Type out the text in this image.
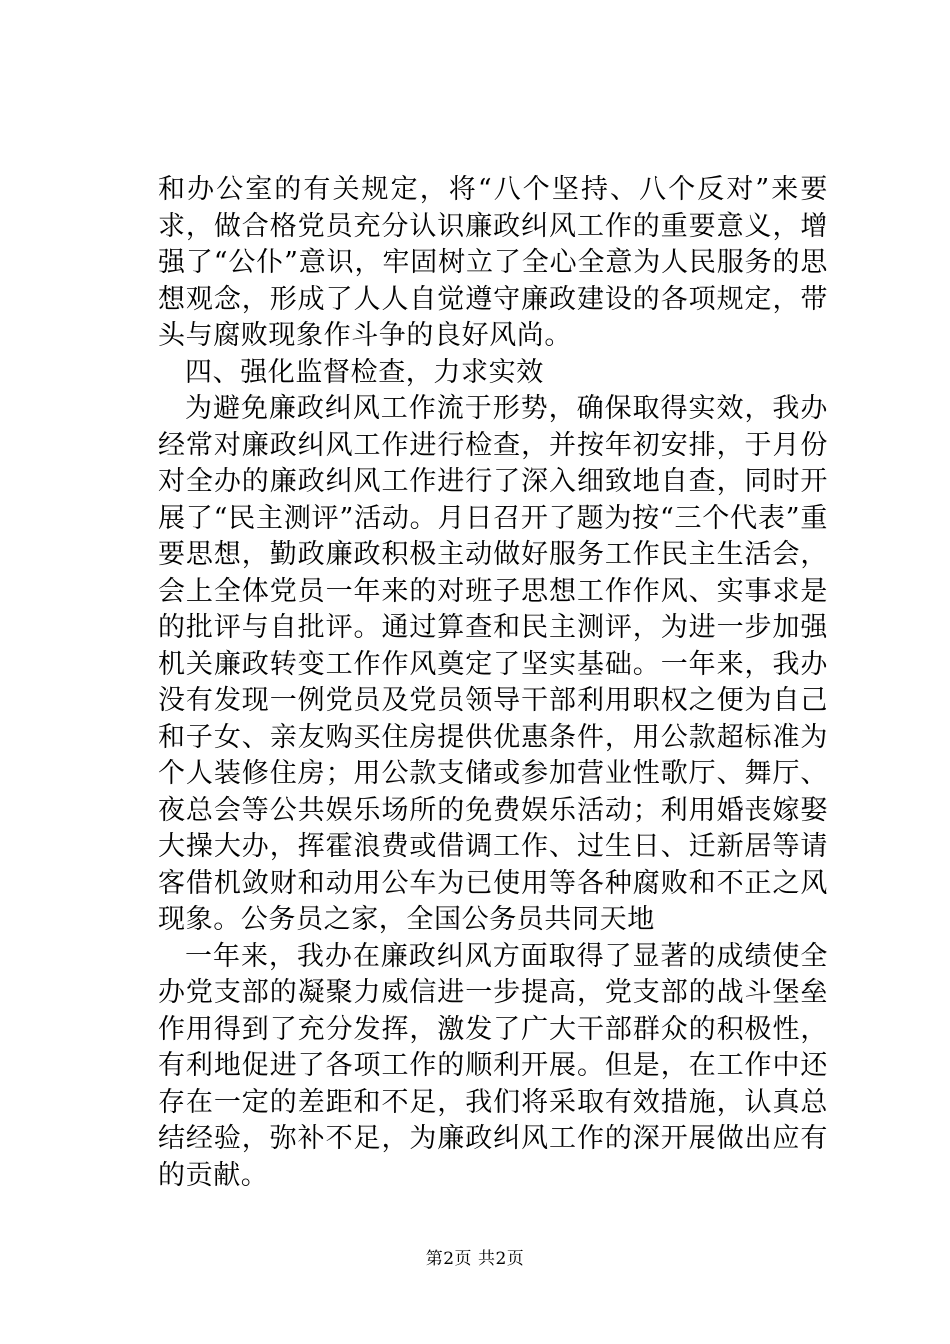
和办公室的有关规定，将“八个坚持、八个反对”来要求，做合格党员充分认识廉政纠风工作的重要意义，增强了“公仆”意识，牢固树立了全心全意为人民服务的思想观念，形成了人人自觉遵守廉政建设的各项规定，带头与腐败现象作斗争的良好风尚。

四、强化监督检查，力求实效

为避免廉政纠风工作流于形势，确保取得实效，我办经常对廉政纠风工作进行检查，并按年初安排，于月份对全办的廉政纠风工作进行了深入细致地自查，同时开展了“民主测评”活动。月日召开了题为按“三个代表”重要思想，勤政廉政积极主动做好服务工作民主生活会，会上全体党员一年来的对班子思想工作作风、实事求是的批评与自批评。通过算查和民主测评，为进一步加强机关廉政转变工作作风奠定了坚实基础。一年来，我办没有发现一例党员及党员领导干部利用职权之便为自己和子女、亲友购买住房提供优惠条件，用公款超标准为个人装修住房；用公款支储或参加营业性歌厅、舞厅、夜总会等公共娱乐场所的免费娱乐活动；利用婚丧嫁娶大操大办，挥霍浪费或借调工作、过生日、迁新居等请客借机敛财和动用公车为已使用等各种腐败和不正之风现象。公务员之家，全国公务员共同天地

一年来，我办在廉政纠风方面取得了显著的成绩使全办党支部的凝聚力威信进一步提高，党支部的战斗堡垒作用得到了充分发挥，激发了广大干部群众的积极性，有利地促进了各项工作的顺利开展。但是，在工作中还存在一定的差距和不足，我们将采取有效措施，认真总结经验，弥补不足，为廉政纠风工作的深开展做出应有的贡献。

第2页 共2页
